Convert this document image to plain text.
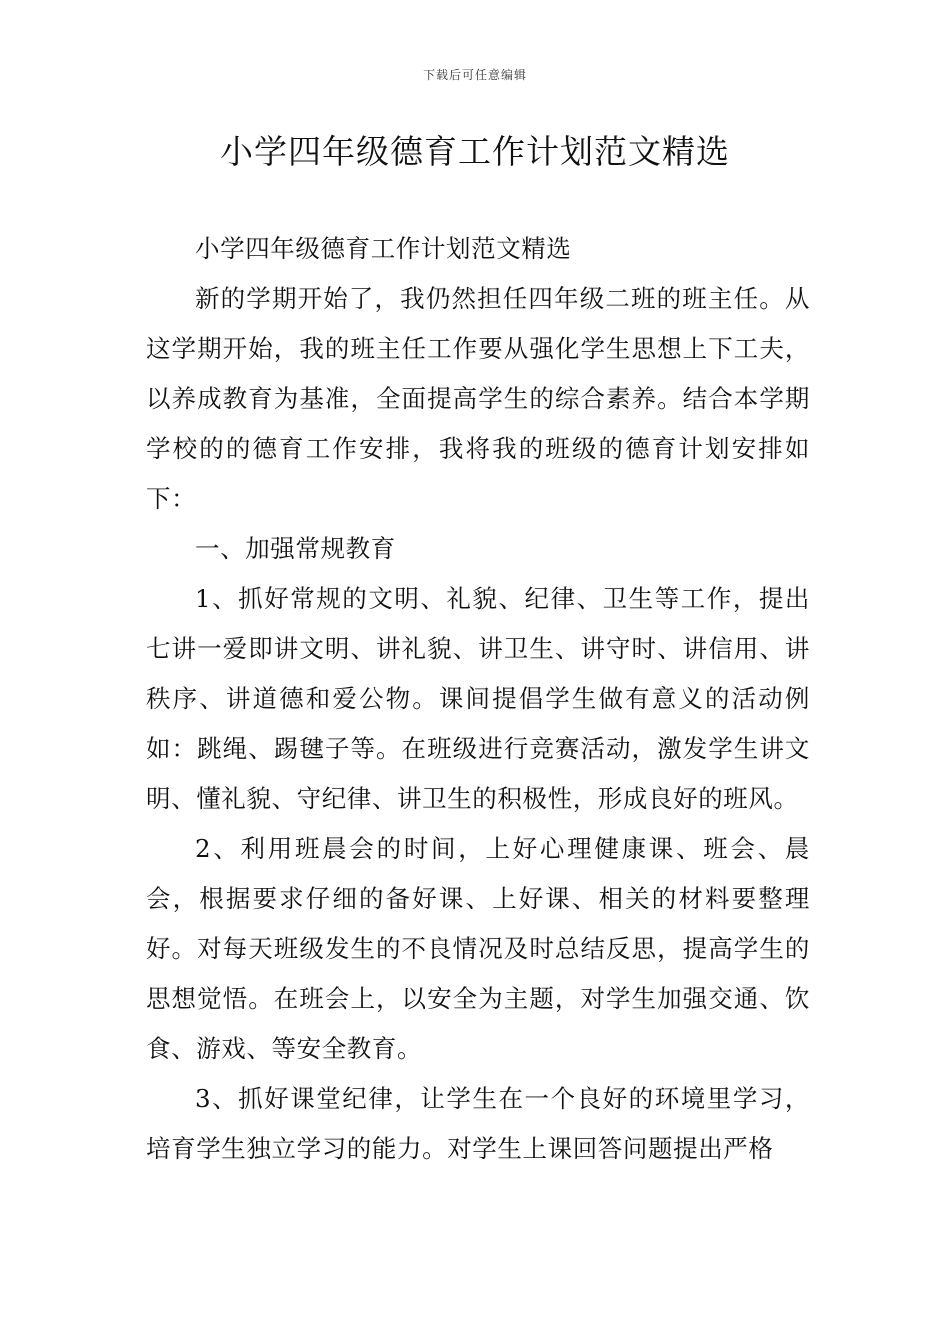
下载后可任意编辑
小学四年级德育工作计划范文精选

小学四年级德育工作计划范文精选

新的学期开始了，我仍然担任四年级二班的班主任。从这学期开始，我的班主任工作要从强化学生思想上下工夫，以养成教育为基准，全面提高学生的综合素养。结合本学期学校的的德育工作安排，我将我的班级的德育计划安排如下：

一、加强常规教育

1、抓好常规的文明、礼貌、纪律、卫生等工作，提出七讲一爱即讲文明、讲礼貌、讲卫生、讲守时、讲信用、讲秩序、讲道德和爱公物。课间提倡学生做有意义的活动例如：跳绳、踢毽子等。在班级进行竞赛活动，激发学生讲文明、懂礼貌、守纪律、讲卫生的积极性，形成良好的班风。

2、利用班晨会的时间，上好心理健康课、班会、晨会，根据要求仔细的备好课、上好课、相关的材料要整理好。对每天班级发生的不良情况及时总结反思，提高学生的思想觉悟。在班会上，以安全为主题，对学生加强交通、饮食、游戏、等安全教育。

3、抓好课堂纪律，让学生在一个良好的环境里学习，培育学生独立学习的能力。对学生上课回答问题提出严格
